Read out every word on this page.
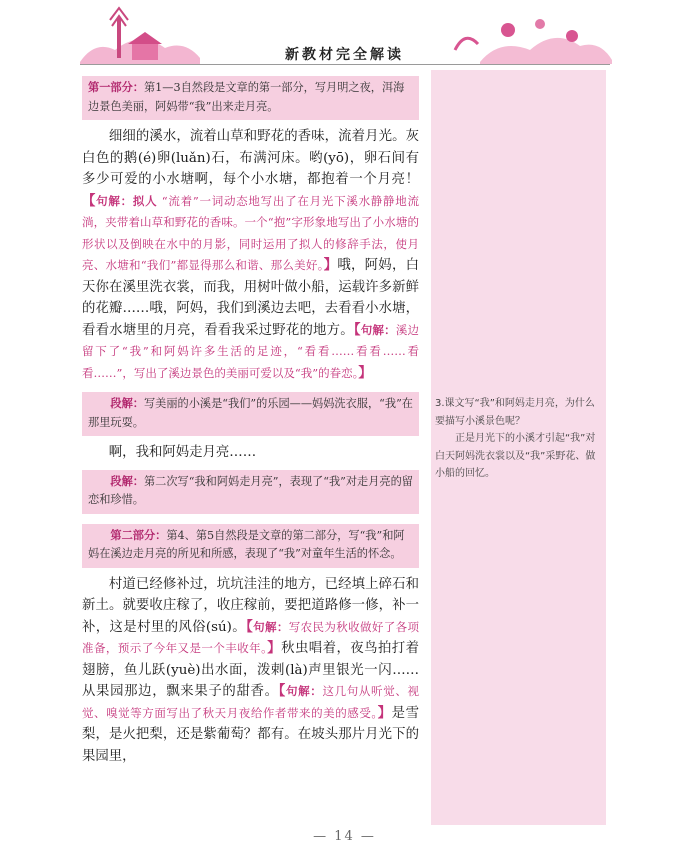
新教材完全解读
第一部分：第1—3自然段是文章的第一部分，写月明之夜，洱海边景色美丽，阿妈带“我”出来走月亮。

细细的溪水，流着山草和野花的香味，流着月光。灰白色的鹅(é)卵(luǎn)石，布满河床。哟(yō)，卵石间有多少可爱的小水塘啊，每个小水塘，都抱着一个月亮！【句解：拟人 “流着”一词动态地写出了在月光下溪水静静地流淌，夹带着山草和野花的香味。一个“抱”字形象地写出了小水塘的形状以及倒映在水中的月影，同时运用了拟人的修辞手法，使月亮、水塘和“我们”都显得那么和谐、那么美好。】哦，阿妈，白天你在溪里洗衣裳，而我，用树叶做小船，运载许多新鲜的花瓣……哦，阿妈，我们到溪边去吧，去看看小水塘，看看水塘里的月亮，看看我采过野花的地方。【句解：溪边留下了“我”和阿妈许多生活的足迹，“看看……看看……看看……”，写出了溪边景色的美丽可爱以及“我”的眷恋。】

段解：写美丽的小溪是“我们”的乐园——妈妈洗衣服，“我”在那里玩耍。

啊，我和阿妈走月亮……

段解：第二次写“我和阿妈走月亮”，表现了“我”对走月亮的留恋和珍惜。
第二部分：第4、第5自然段是文章的第二部分，写“我”和阿妈在溪边走月亮的所见和所感，表现了“我”对童年生活的怀念。

村道已经修补过，坑坑洼洼的地方，已经填上碎石和新土。就要收庄稼了，收庄稼前，要把道路修一修，补一补，这是村里的风俗(sú)。【句解：写农民为秋收做好了各项准备，预示了今年又是一个丰收年。】秋虫唱着，夜鸟拍打着翅膀，鱼儿跃(yuè)出水面，泼剌(là)声里银光一闪……从果园那边，飘来果子的甜香。【句解：这几句从听觉、视觉、嗅觉等方面写出了秋天月夜给作者带来的美的感受。】是雪梨，是火把梨，还是紫葡萄？都有。在坡头那片月光下的果园里，

3.课文写“我”和阿妈走月亮，为什么要描写小溪景色呢？

正是月光下的小溪才引起“我”对白天阿妈洗衣裳以及“我”采野花、做小船的回忆。

— 14 —
